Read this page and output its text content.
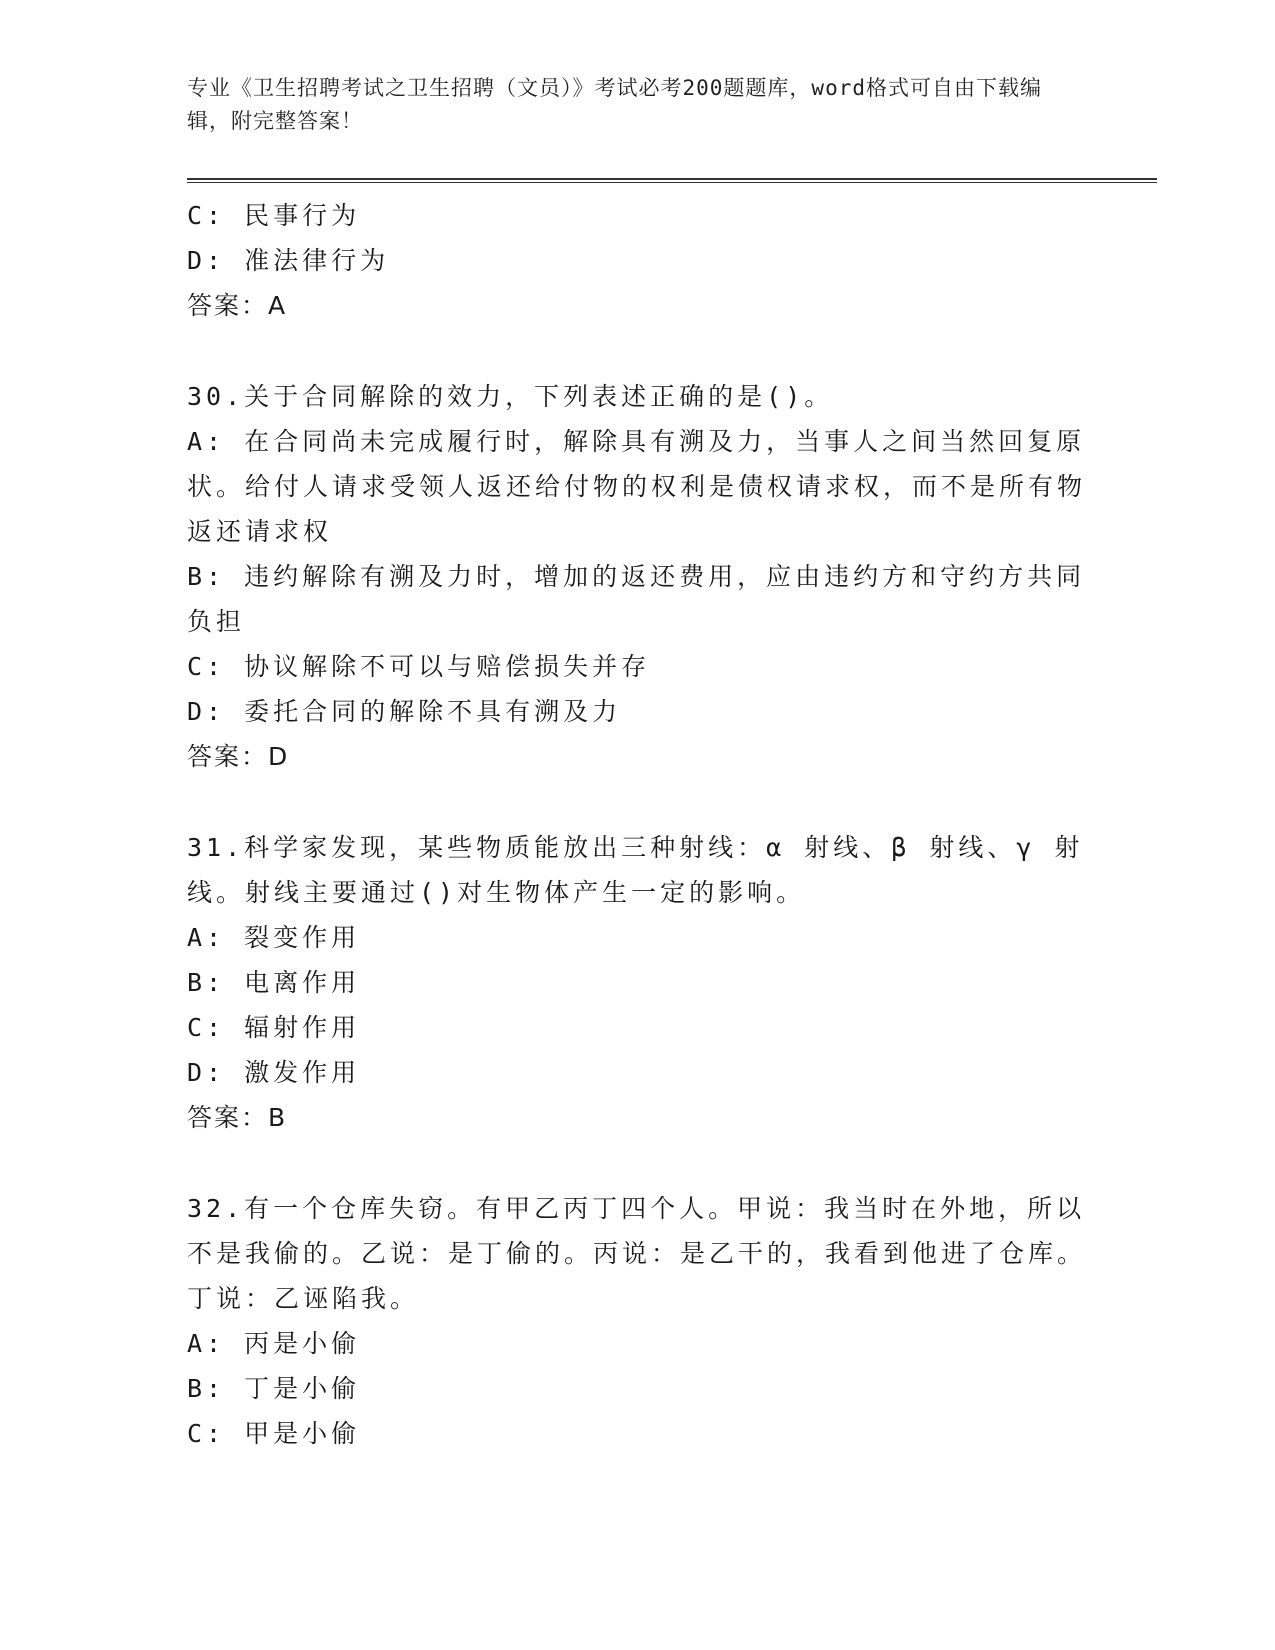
专业《卫生招聘考试之卫生招聘（文员）》考试必考200题题库，word格式可自由下载编辑，附完整答案！
C: 民事行为
D: 准法律行为
答案：A
30.关于合同解除的效力，下列表述正确的是()。
A: 在合同尚未完成履行时，解除具有溯及力，当事人之间当然回复原状。给付人请求受领人返还给付物的权利是债权请求权，而不是所有物返还请求权
B: 违约解除有溯及力时，增加的返还费用，应由违约方和守约方共同负担
C: 协议解除不可以与赔偿损失并存
D: 委托合同的解除不具有溯及力
答案：D
31.科学家发现，某些物质能放出三种射线：α 射线、β 射线、γ 射线。射线主要通过()对生物体产生一定的影响。
A: 裂变作用
B: 电离作用
C: 辐射作用
D: 激发作用
答案：B
32.有一个仓库失窃。有甲乙丙丁四个人。甲说：我当时在外地，所以不是我偷的。乙说：是丁偷的。丙说：是乙干的，我看到他进了仓库。丁说：乙诬陷我。
A: 丙是小偷
B: 丁是小偷
C: 甲是小偷
